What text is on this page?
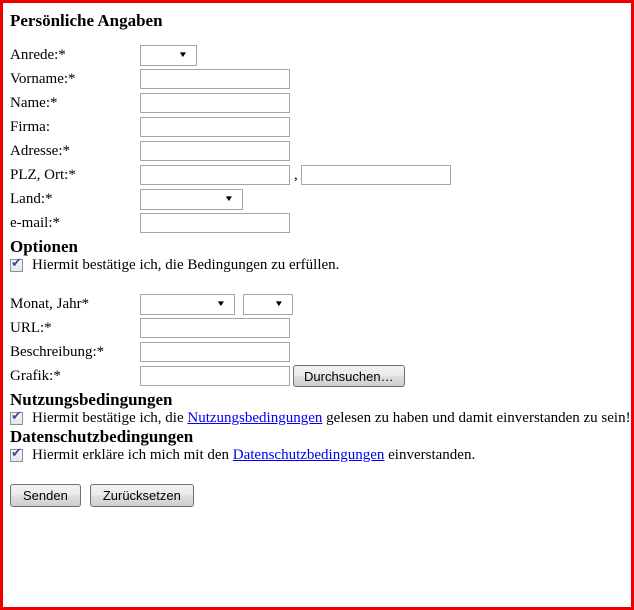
Persönliche Angaben
Anrede:*	▼
Vorname:*
Name:*
Firma:
Adresse:*
PLZ, Ort:*	,
Land:*	▼
e-mail:*
Optionen
✔ Hiermit bestätige ich, die Bedingungen zu erfüllen.
Monat, Jahr*	▼	▼
URL:*
Beschreibung:*
Grafik:*	Durchsuchen…
Nutzungsbedingungen
✔ Hiermit bestätige ich, die Nutzungsbedingungen gelesen zu haben und damit einverstanden zu sein!
Datenschutzbedingungen
✔ Hiermit erkläre ich mich mit den Datenschutzbedingungen einverstanden.
Senden	Zurücksetzen
